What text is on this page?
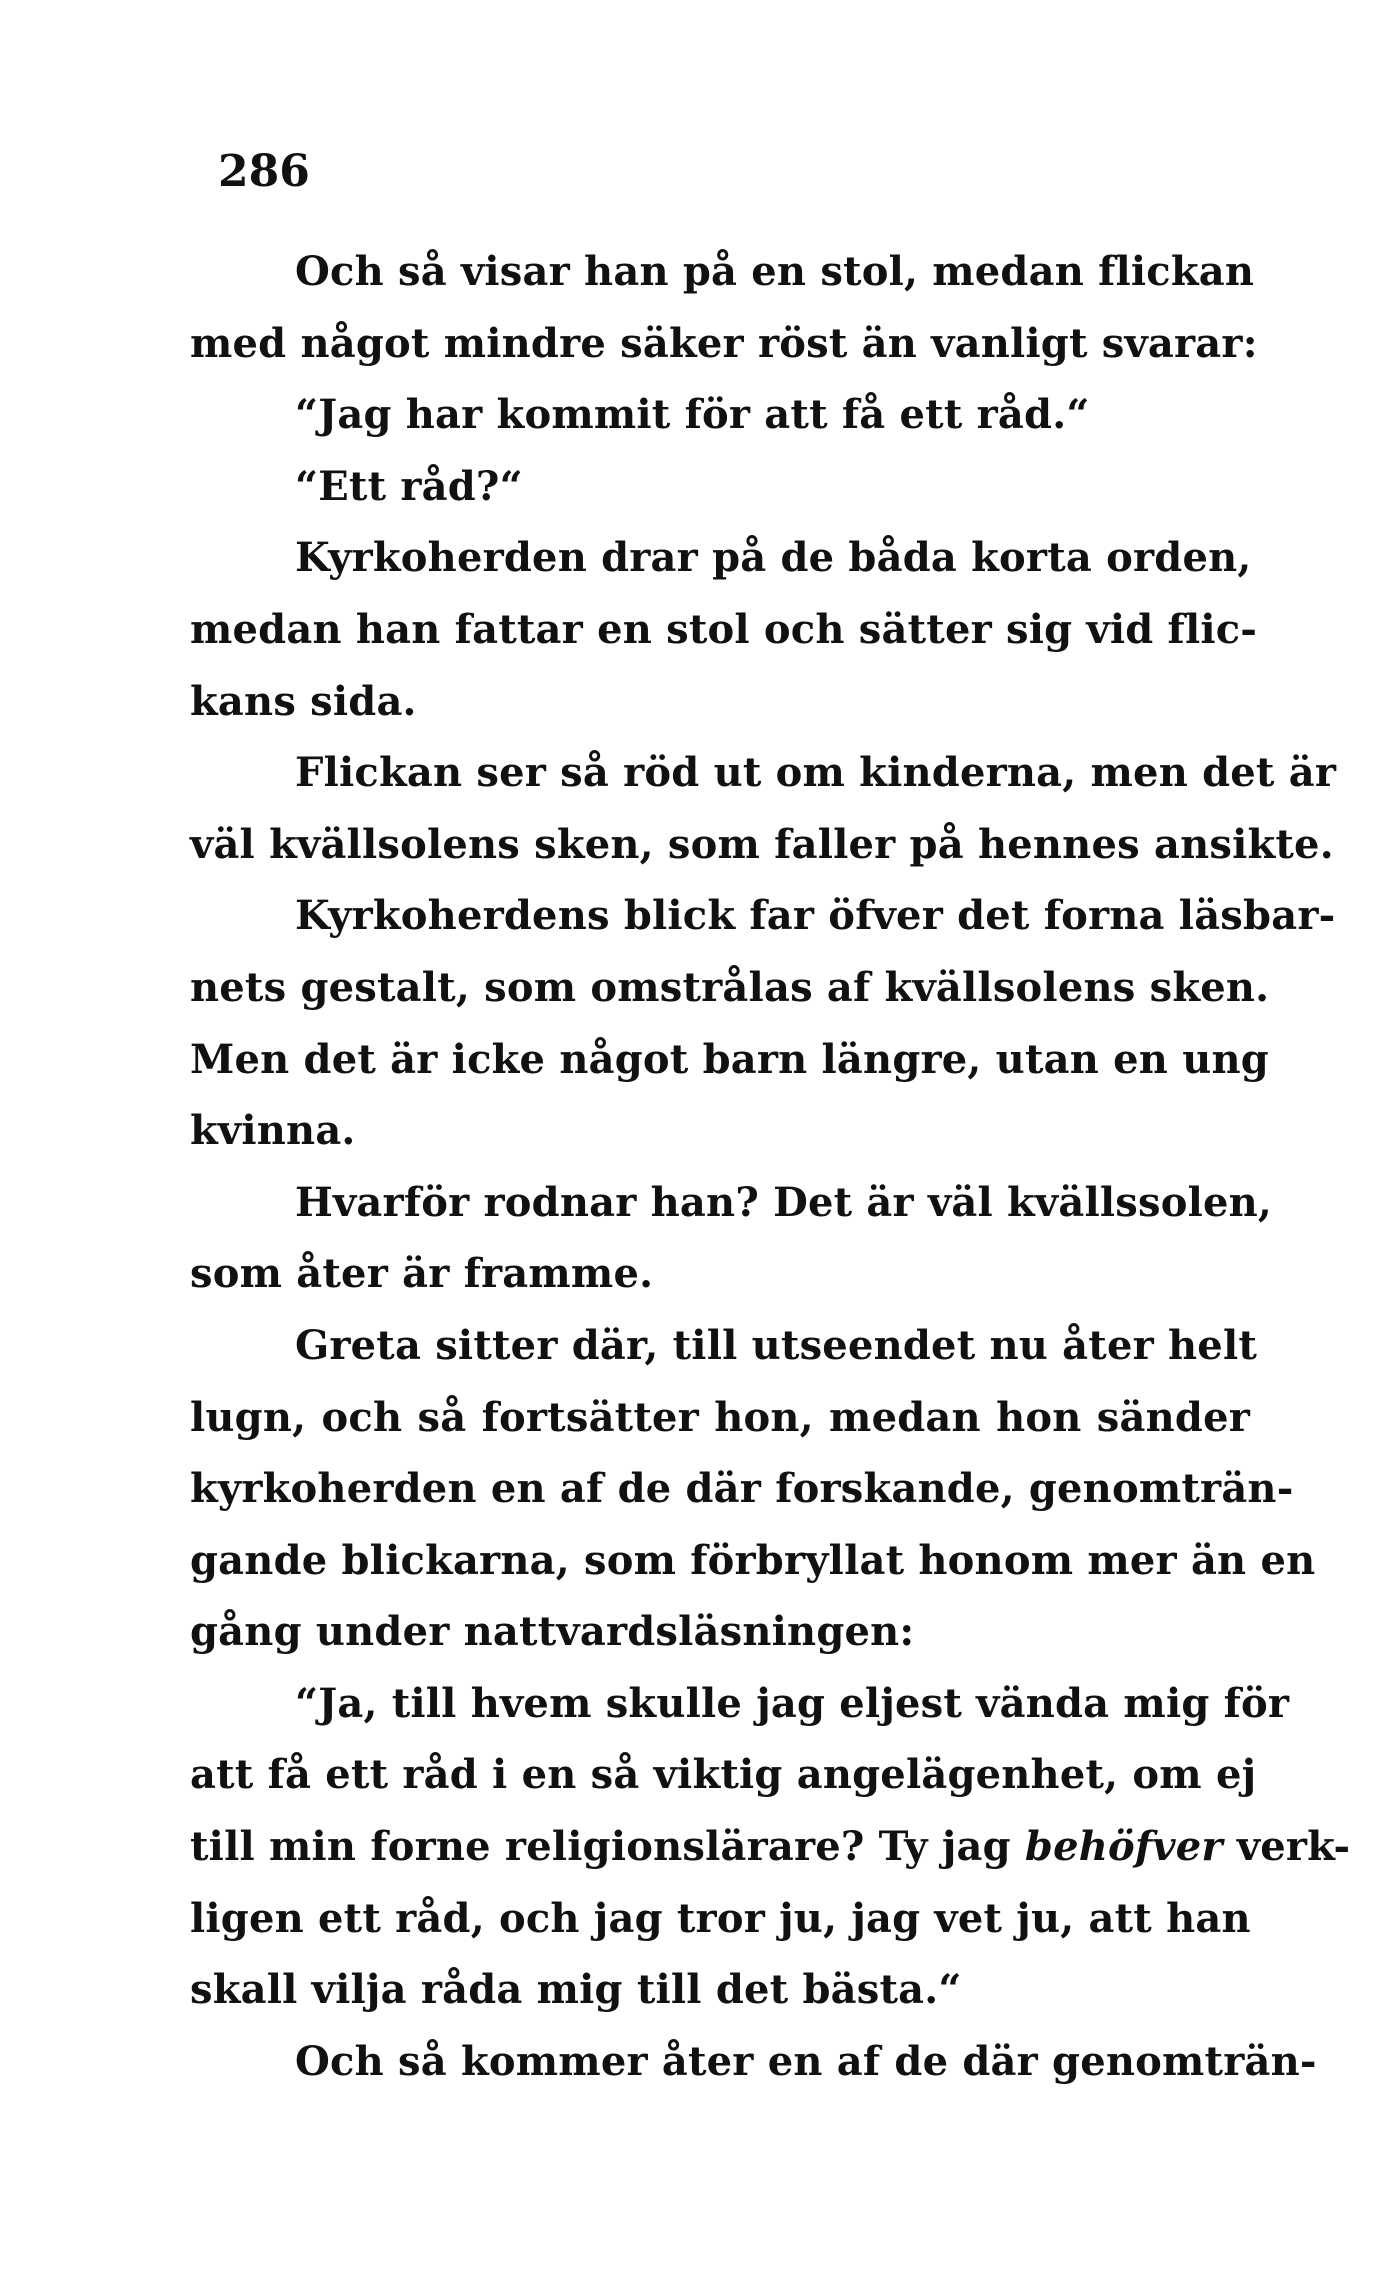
286
Och så visar han på en stol, medan flickan
med något mindre säker röst än vanligt svarar:
“Jag har kommit för att få ett råd.“
“Ett råd?“
Kyrkoherden drar på de båda korta orden,
medan han fattar en stol och sätter sig vid flic-
kans sida.
Flickan ser så röd ut om kinderna, men det är
väl kvällsolens sken, som faller på hennes ansikte.
Kyrkoherdens blick far öfver det forna läsbar-
nets gestalt, som omstrålas af kvällsolens sken.
Men det är icke något barn längre, utan en ung
kvinna.
Hvarför rodnar han? Det är väl kvällssolen,
som åter är framme.
Greta sitter där, till utseendet nu åter helt
lugn, och så fortsätter hon, medan hon sänder
kyrkoherden en af de där forskande, genomträn-
gande blickarna, som förbryllat honom mer än en
gång under nattvardsläsningen:
“Ja, till hvem skulle jag eljest vända mig för
att få ett råd i en så viktig angelägenhet, om ej
till min forne religionslärare? Ty jag behöfver verk-
ligen ett råd, och jag tror ju, jag vet ju, att han
skall vilja råda mig till det bästa.“
Och så kommer åter en af de där genomträn-
